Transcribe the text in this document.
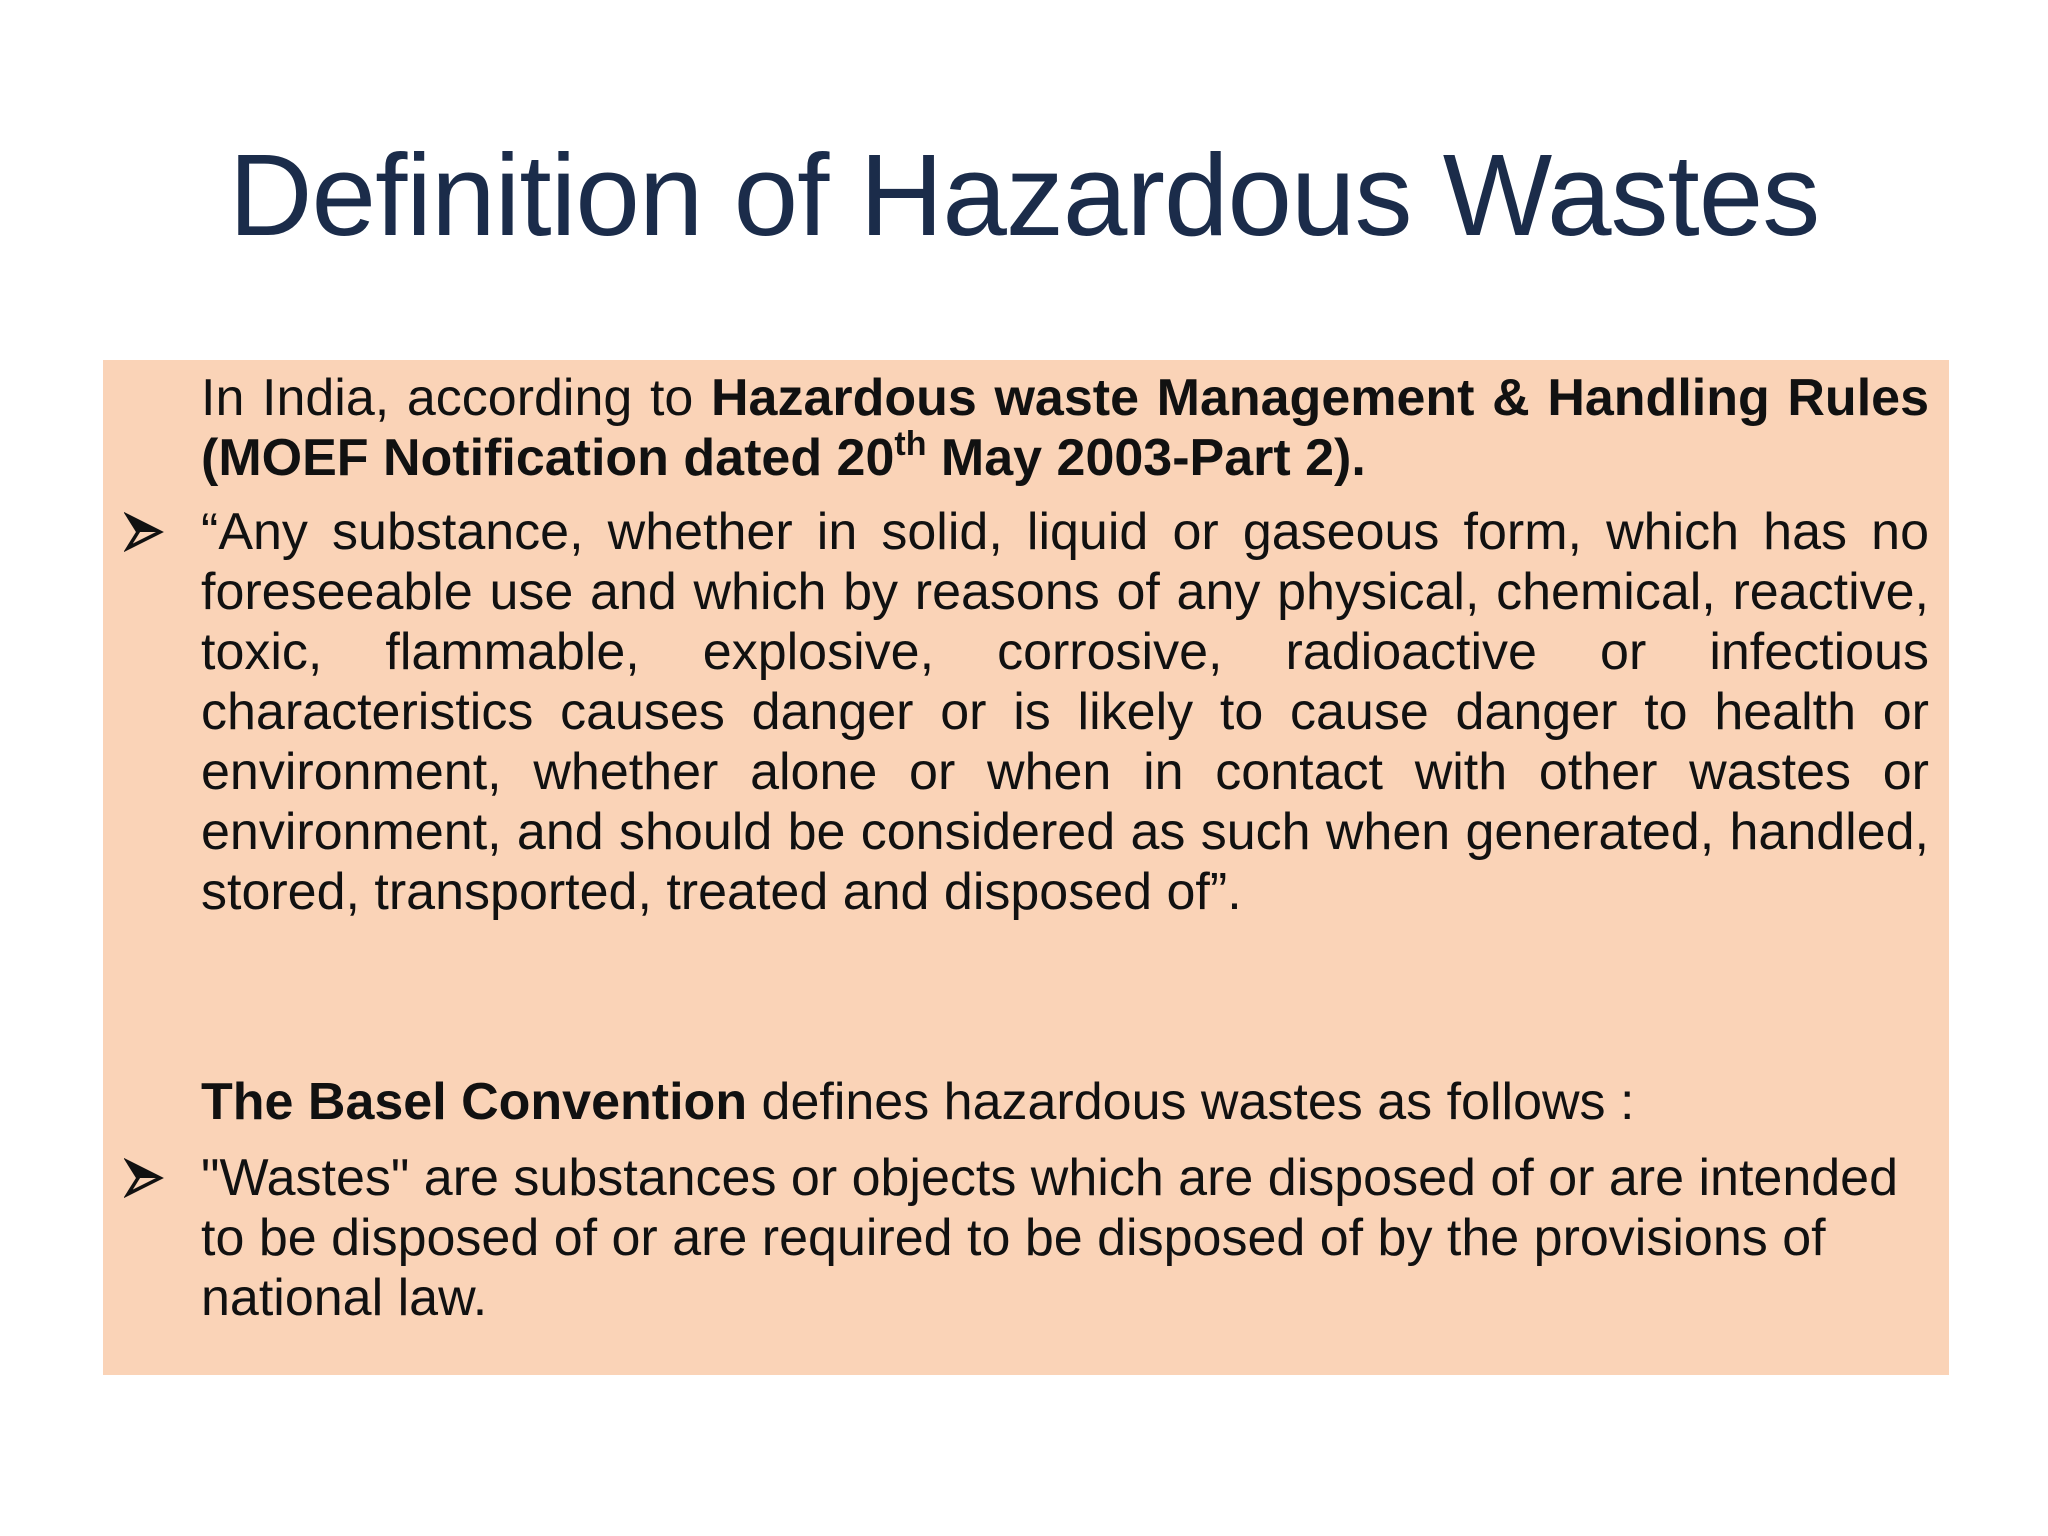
Definition of Hazardous Wastes
In India, according to Hazardous waste Management & Handling Rules (MOEF Notification dated 20th May 2003-Part 2).
“Any substance, whether in solid, liquid or gaseous form, which has no foreseeable use and which by reasons of any physical, chemical, reactive, toxic, flammable, explosive, corrosive, radioactive or infectious characteristics causes danger or is likely to cause danger to health or environment, whether alone or when in contact with other wastes or environment, and should be considered as such when generated, handled, stored, transported, treated and disposed of”.
The Basel Convention defines hazardous wastes as follows :
"Wastes" are substances or objects which are disposed of or are intended to be disposed of or are required to be disposed of by the provisions of national law.
